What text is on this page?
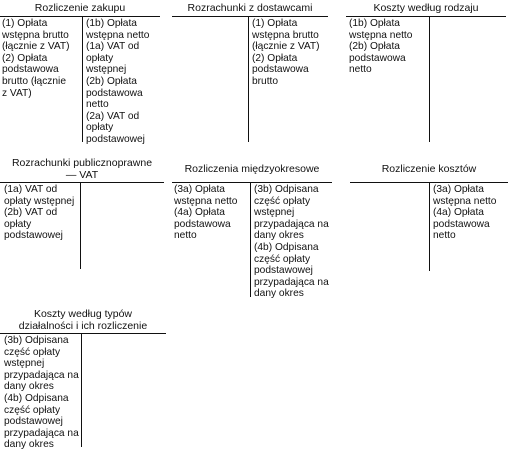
Rozliczenie zakupu
(1) Opłata
wstępna brutto
(łącznie z VAT)
(2) Opłata
podstawowa
brutto (łącznie
z VAT)
(1b) Opłata
wstępna netto
(1a) VAT od
opłaty
wstępnej
(2b) Opłata
podstawowa
netto
(2a) VAT od
opłaty
podstawowej
Rozrachunki z dostawcami
(1) Opłata
wstępna brutto
(łącznie z VAT)
(2) Opłata
podstawowa
brutto
Koszty według rodzaju
(1b) Opłata
wstępna netto
(2b) Opłata
podstawowa
netto
Rozrachunki publicznoprawne
— VAT
(1a) VAT od
opłaty wstępnej
(2b) VAT od
opłaty
podstawowej
Rozliczenia międzyokresowe
(3a) Opłata
wstępna netto
(4a) Opłata
podstawowa
netto
(3b) Odpisana
część opłaty
wstępnej
przypadająca na
dany okres
(4b) Odpisana
część opłaty
podstawowej
przypadająca na
dany okres
Rozliczenie kosztów
(3a) Opłata
wstępna netto
(4a) Opłata
podstawowa
netto
Koszty według typów
działalności i ich rozliczenie
(3b) Odpisana
część opłaty
wstępnej
przypadająca na
dany okres
(4b) Odpisana
część opłaty
podstawowej
przypadająca na
dany okres
